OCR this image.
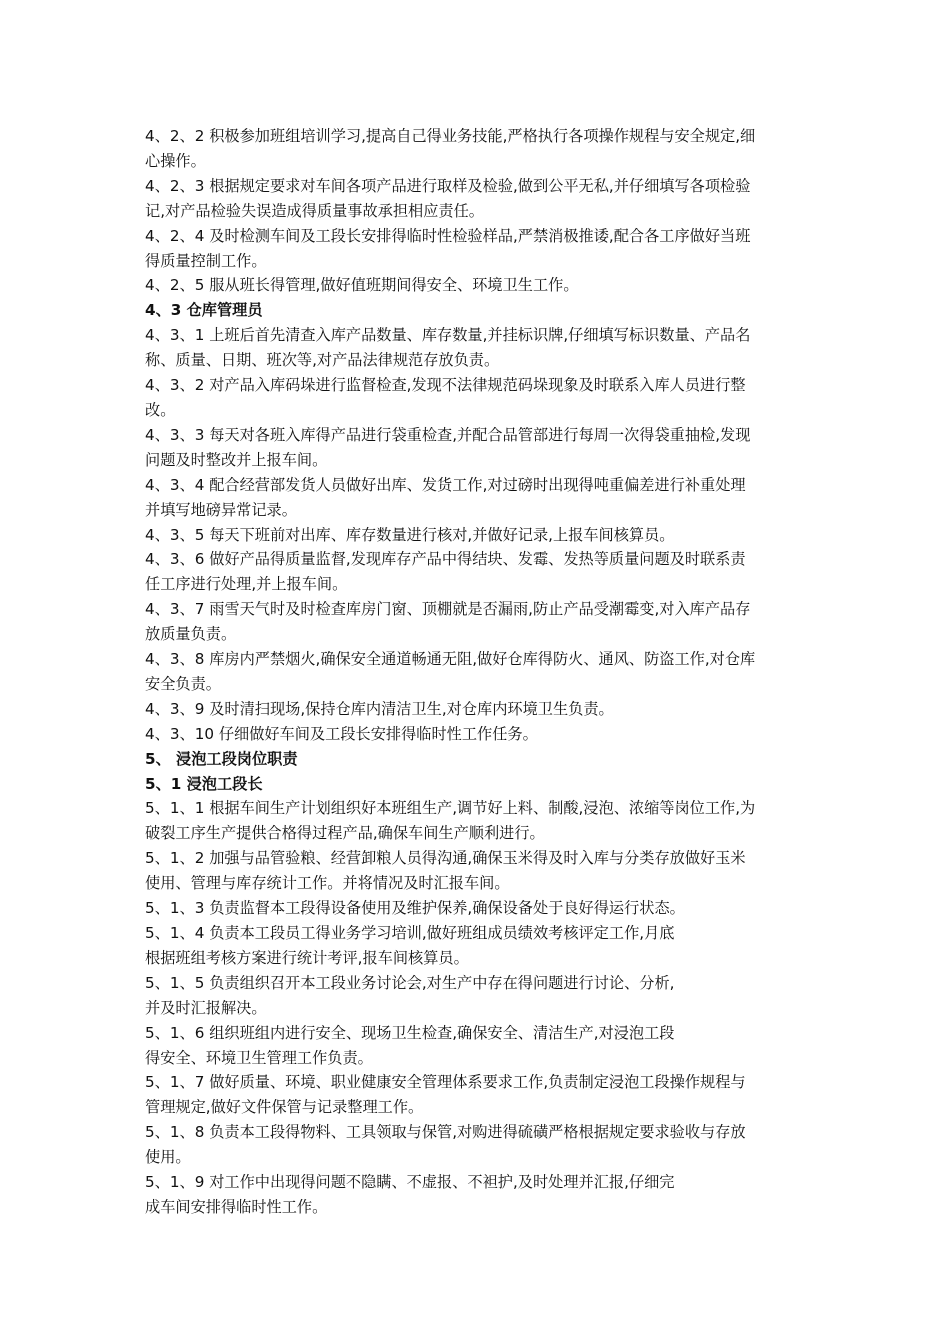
4、2、2 积极参加班组培训学习,提高自己得业务技能,严格执行各项操作规程与安全规定,细
心操作。
4、2、3 根据规定要求对车间各项产品进行取样及检验,做到公平无私,并仔细填写各项检验
记,对产品检验失误造成得质量事故承担相应责任。
4、2、4 及时检测车间及工段长安排得临时性检验样品,严禁消极推诿,配合各工序做好当班
得质量控制工作。
4、2、5 服从班长得管理,做好值班期间得安全、环境卫生工作。
4、3 仓库管理员
4、3、1 上班后首先清查入库产品数量、库存数量,并挂标识牌,仔细填写标识数量、产品名
称、质量、日期、班次等,对产品法律规范存放负责。
4、3、2 对产品入库码垛进行监督检查,发现不法律规范码垛现象及时联系入库人员进行整
改。
4、3、3 每天对各班入库得产品进行袋重检查,并配合品管部进行每周一次得袋重抽检,发现
问题及时整改并上报车间。
4、3、4 配合经营部发货人员做好出库、发货工作,对过磅时出现得吨重偏差进行补重处理
并填写地磅异常记录。
4、3、5 每天下班前对出库、库存数量进行核对,并做好记录,上报车间核算员。
4、3、6 做好产品得质量监督,发现库存产品中得结块、发霉、发热等质量问题及时联系责
任工序进行处理,并上报车间。
4、3、7 雨雪天气时及时检查库房门窗、顶棚就是否漏雨,防止产品受潮霉变,对入库产品存
放质量负责。
4、3、8 库房内严禁烟火,确保安全通道畅通无阻,做好仓库得防火、通风、防盗工作,对仓库
安全负责。
4、3、9 及时清扫现场,保持仓库内清洁卫生,对仓库内环境卫生负责。
4、3、10 仔细做好车间及工段长安排得临时性工作任务。
5、 浸泡工段岗位职责
5、1 浸泡工段长
5、1、1 根据车间生产计划组织好本班组生产,调节好上料、制酸,浸泡、浓缩等岗位工作,为
破裂工序生产提供合格得过程产品,确保车间生产顺利进行。
5、1、2 加强与品管验粮、经营卸粮人员得沟通,确保玉米得及时入库与分类存放做好玉米
使用、管理与库存统计工作。并将情况及时汇报车间。
5、1、3 负责监督本工段得设备使用及维护保养,确保设备处于良好得运行状态。
5、1、4 负责本工段员工得业务学习培训,做好班组成员绩效考核评定工作,月底
根据班组考核方案进行统计考评,报车间核算员。
5、1、5 负责组织召开本工段业务讨论会,对生产中存在得问题进行讨论、分析,
并及时汇报解决。
5、1、6 组织班组内进行安全、现场卫生检查,确保安全、清洁生产,对浸泡工段
得安全、环境卫生管理工作负责。
5、1、7 做好质量、环境、职业健康安全管理体系要求工作,负责制定浸泡工段操作规程与
管理规定,做好文件保管与记录整理工作。
5、1、8 负责本工段得物料、工具领取与保管,对购进得硫磺严格根据规定要求验收与存放
使用。
5、1、9 对工作中出现得问题不隐瞒、不虚报、不袒护,及时处理并汇报,仔细完
成车间安排得临时性工作。
